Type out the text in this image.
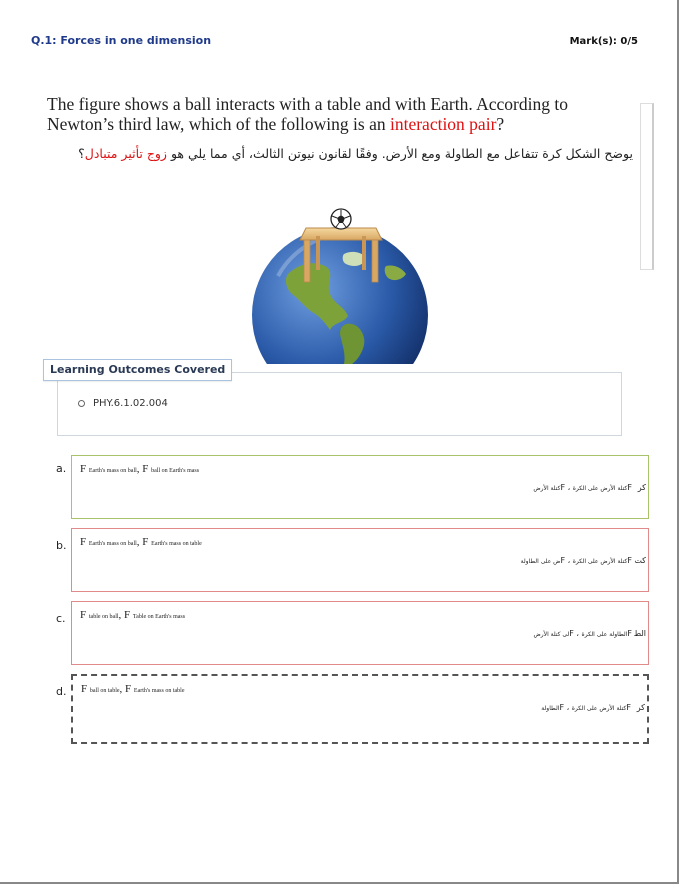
Q.1: Forces in one dimension	Mark(s): 0/5
The figure shows a ball interacts with a table and with Earth. According to Newton’s third law, which of the following is an interaction pair?
يوضح الشكل كرة تتفاعل مع الطاولة ومع الأرض. وفقًا لقانون نيوتن الثالث، أي مما يلي هو زوج تأثير متبادل؟
Learning Outcomes Covered
PHY.6.1.02.004
a. F Earth's mass on ball, F ball on Earth's mass
Fكتلة الأرض على الكرة ، Fكتلة الأرض	كر
b. F Earth's mass on ball, F Earth's mass on table
Fكتلة الأرض على الكرة ، Fض على الطاولة	كت
c. F table on ball, F Table on Earth's mass
Fالطاولة على الكرة ، Fلى كتلة الأرض	الط
d. F ball on table, F Earth's mass on table
Fكتلة الأرض على الكرة ، Fالطاولة	كر
